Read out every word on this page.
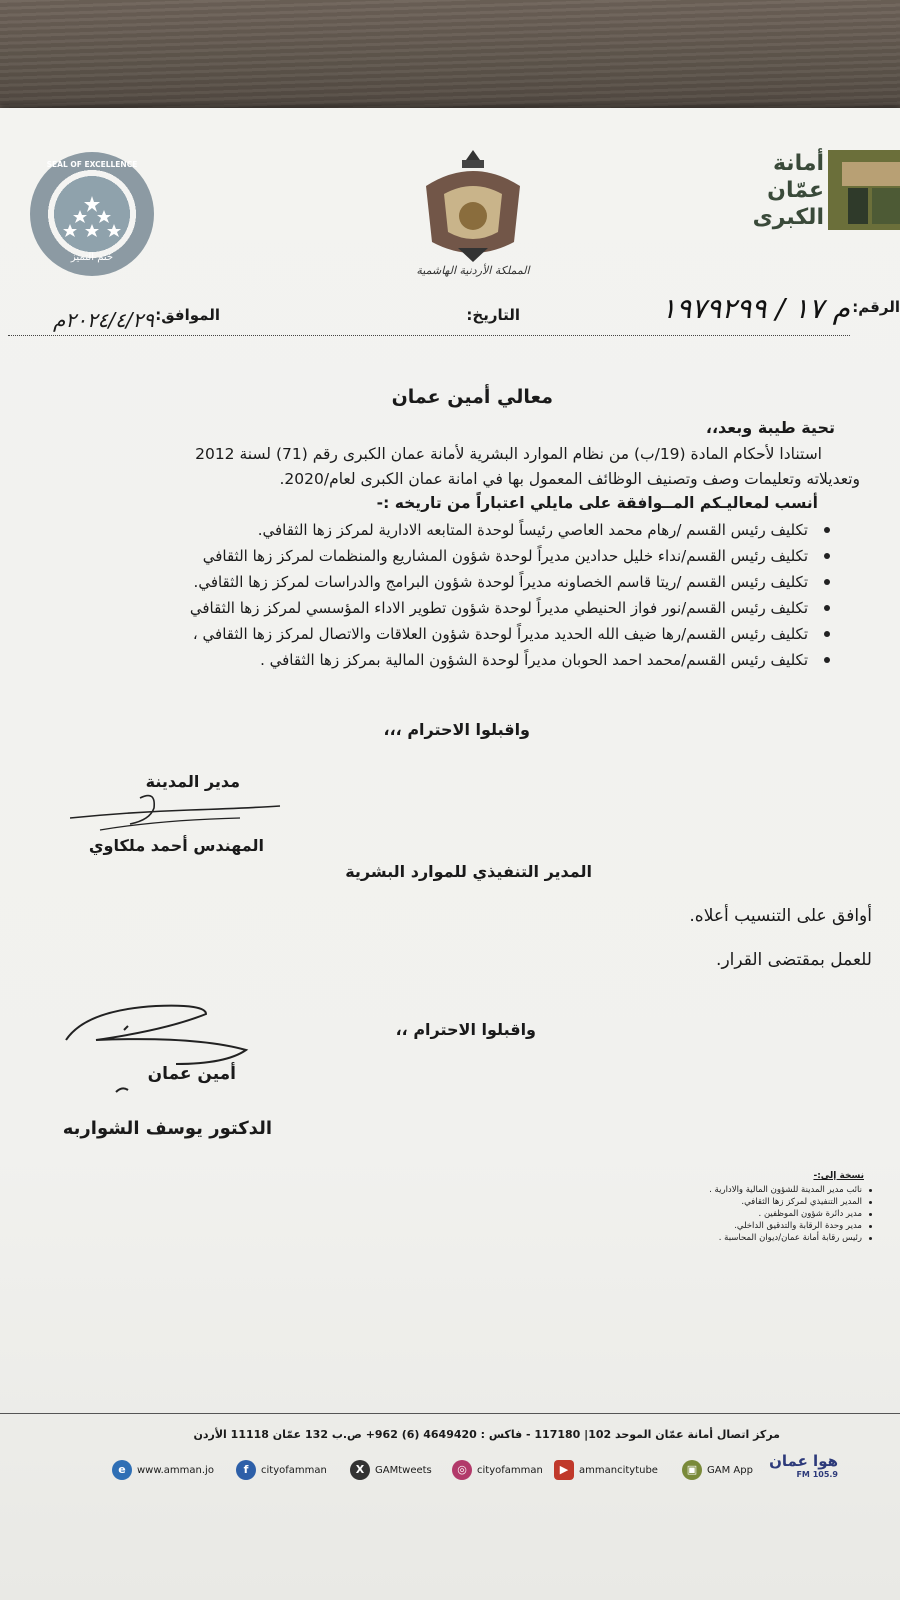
أمانة
عمّان
الكبرى
المملكة الأردنية الهاشمية
SEAL OF EXCELLENCE
ختم التميز
الرقم:
م ١٧ / ١٩٧٩٢٩٩
التاريخ:
الموافق:
٢٠٢٤/٤/٢٩م
معالي أمين عمان
تحية طيبة وبعد،،
استنادا لأحكام المادة (19/ب) من نظام الموارد البشرية لأمانة عمان الكبرى رقم (71) لسنة 2012
وتعديلاته وتعليمات وصف وتصنيف الوظائف المعمول بها في امانة عمان الكبرى لعام/2020.
أنسب لمعاليـكم المــوافقة على مايلي اعتباراً من تاريخه :-
تكليف رئيس القسم /رهام محمد العاصي رئيساً لوحدة المتابعه الادارية لمركز زها الثقافي.
تكليف رئيس القسم/نداء خليل حدادين مديراً لوحدة شؤون المشاريع والمنظمات لمركز زها الثقافي
تكليف رئيس القسم /ريتا قاسم الخصاونه مديراً لوحدة شؤون البرامج والدراسات لمركز زها الثقافي.
تكليف رئيس القسم/نور فواز الحنيطي مديراً لوحدة شؤون تطوير الاداء المؤسسي لمركز زها الثقافي
تكليف رئيس القسم/رها ضيف الله الحديد مديراً لوحدة شؤون العلاقات والاتصال لمركز زها الثقافي ،
تكليف رئيس القسم/محمد احمد الحوبان مديراً لوحدة الشؤون المالية بمركز زها الثقافي .
واقبلوا الاحترام ،،،
مدير المدينة
المهندس أحمد ملكاوي
المدير التنفيذي للموارد البشرية
أوافق على التنسيب أعلاه.
للعمل بمقتضى القرار.
واقبلوا الاحترام ،،
أمين عمان
الدكتور يوسف الشواربه
نسخة إلى:-
نائب مدير المدينة للشؤون المالية والادارية .
المدير التنفيذي لمركز زها الثقافي.
مدير دائرة شؤون الموظفين .
مدير وحدة الرقابة والتدقيق الداخلي.
رئيس رقابة أمانة عمان/ديوان المحاسبة .
مركز اتصال أمانة عمّان الموحد 102| 117180 - فاكس : 4649420 (6) 962+ ص.ب 132 عمّان 11118 الأردن
e	www.amman.jo	f	cityofamman	X	GAMtweets	◎	cityofamman	▶	ammancitytube	▣ GAM App	هوا عمان
105.9 FM
